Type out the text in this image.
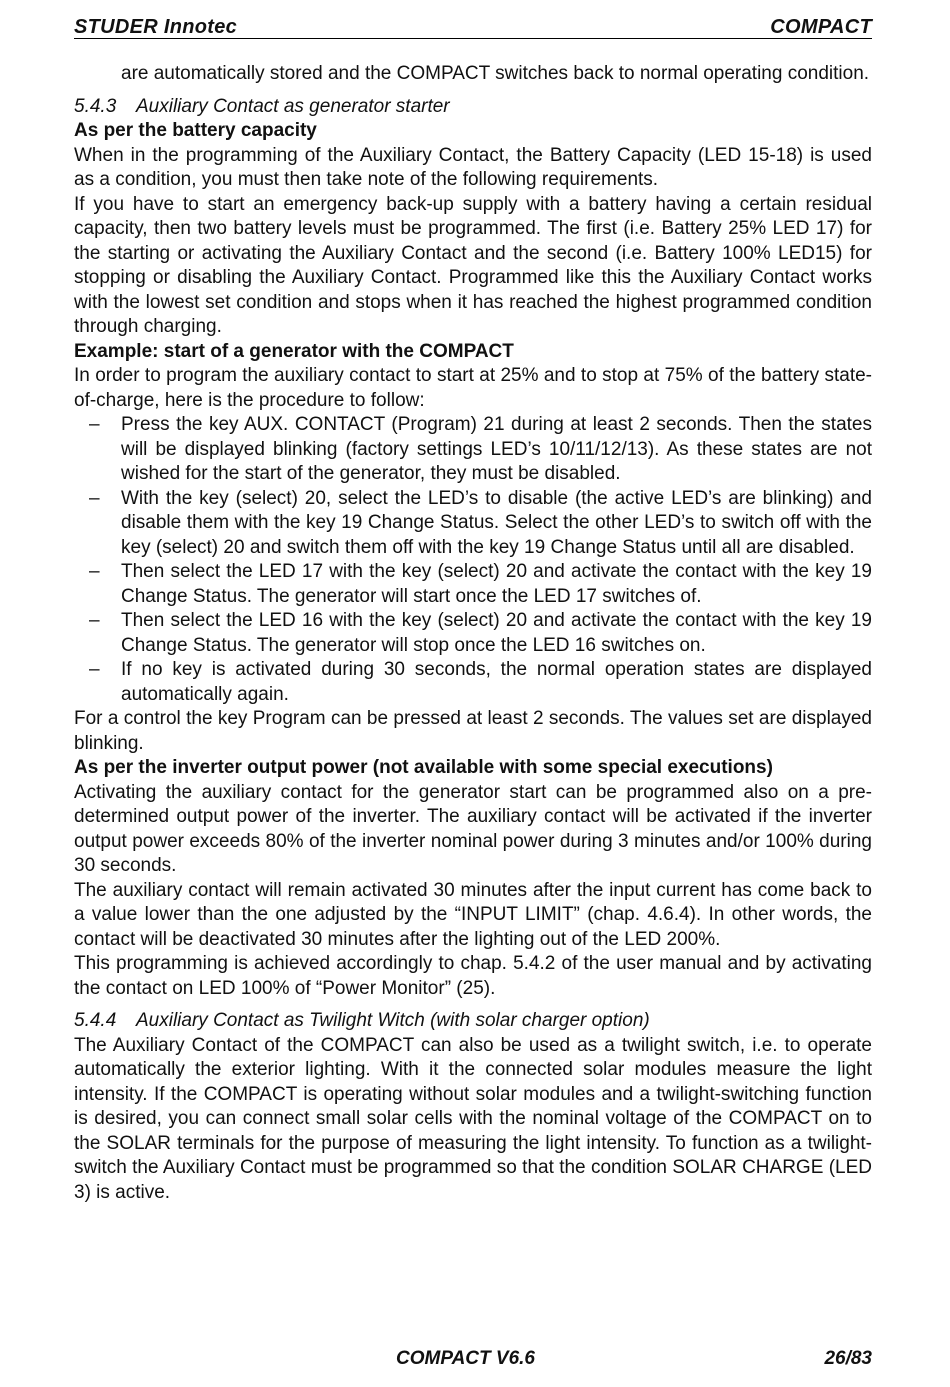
STUDER Innotec	COMPACT

are automatically stored and the COMPACT switches back to normal operating condition.

5.4.3 Auxiliary Contact as generator starter

As per the battery capacity

When in the programming of the Auxiliary Contact, the Battery Capacity (LED 15-18) is used as a condition, you must then take note of the following requirements.

If you have to start an emergency back-up supply with a battery having a certain residual capacity, then two battery levels must be programmed. The first (i.e. Battery 25% LED 17) for the starting or activating the Auxiliary Contact and the second (i.e. Battery 100% LED15) for stopping or disabling the Auxiliary Contact. Programmed like this the Auxiliary Contact works with the lowest set condition and stops when it has reached the highest programmed condition through charging.

Example: start of a generator with the COMPACT

In order to program the auxiliary contact to start at 25% and to stop at 75% of the battery state-of-charge, here is the procedure to follow:

– Press the key AUX. CONTACT (Program) 21 during at least 2 seconds. Then the states will be displayed blinking (factory settings LED’s 10/11/12/13). As these states are not wished for the start of the generator, they must be disabled.
– With the key (select) 20, select the LED’s to disable (the active LED’s are blinking) and disable them with the key 19 Change Status. Select the other LED’s to switch off with the key (select) 20 and switch them off with the key 19 Change Status until all are disabled.
– Then select the LED 17 with the key (select) 20 and activate the contact with the key 19 Change Status. The generator will start once the LED 17 switches of.
– Then select the LED 16 with the key (select) 20 and activate the contact with the key 19 Change Status. The generator will stop once the LED 16 switches on.
– If no key is activated during 30 seconds, the normal operation states are displayed automatically again.

For a control the key Program can be pressed at least 2 seconds. The values set are displayed blinking.

As per the inverter output power (not available with some special executions)

Activating the auxiliary contact for the generator start can be programmed also on a pre-determined output power of the inverter. The auxiliary contact will be activated if the inverter output power exceeds 80% of the inverter nominal power during 3 minutes and/or 100% during 30 seconds.

The auxiliary contact will remain activated 30 minutes after the input current has come back to a value lower than the one adjusted by the “INPUT LIMIT” (chap. 4.6.4). In other words, the contact will be deactivated 30 minutes after the lighting out of the LED 200%.

This programming is achieved accordingly to chap. 5.4.2 of the user manual and by activating the contact on LED 100% of “Power Monitor” (25).

5.4.4 Auxiliary Contact as Twilight Witch (with solar charger option)

The Auxiliary Contact of the COMPACT can also be used as a twilight switch, i.e. to operate automatically the exterior lighting. With it the connected solar modules measure the light intensity. If the COMPACT is operating without solar modules and a twilight-switching function is desired, you can connect small solar cells with the nominal voltage of the COMPACT on to the SOLAR terminals for the purpose of measuring the light intensity. To function as a twilight-switch the Auxiliary Contact must be programmed so that the condition SOLAR CHARGE (LED 3) is active.

COMPACT V6.6	26/83
